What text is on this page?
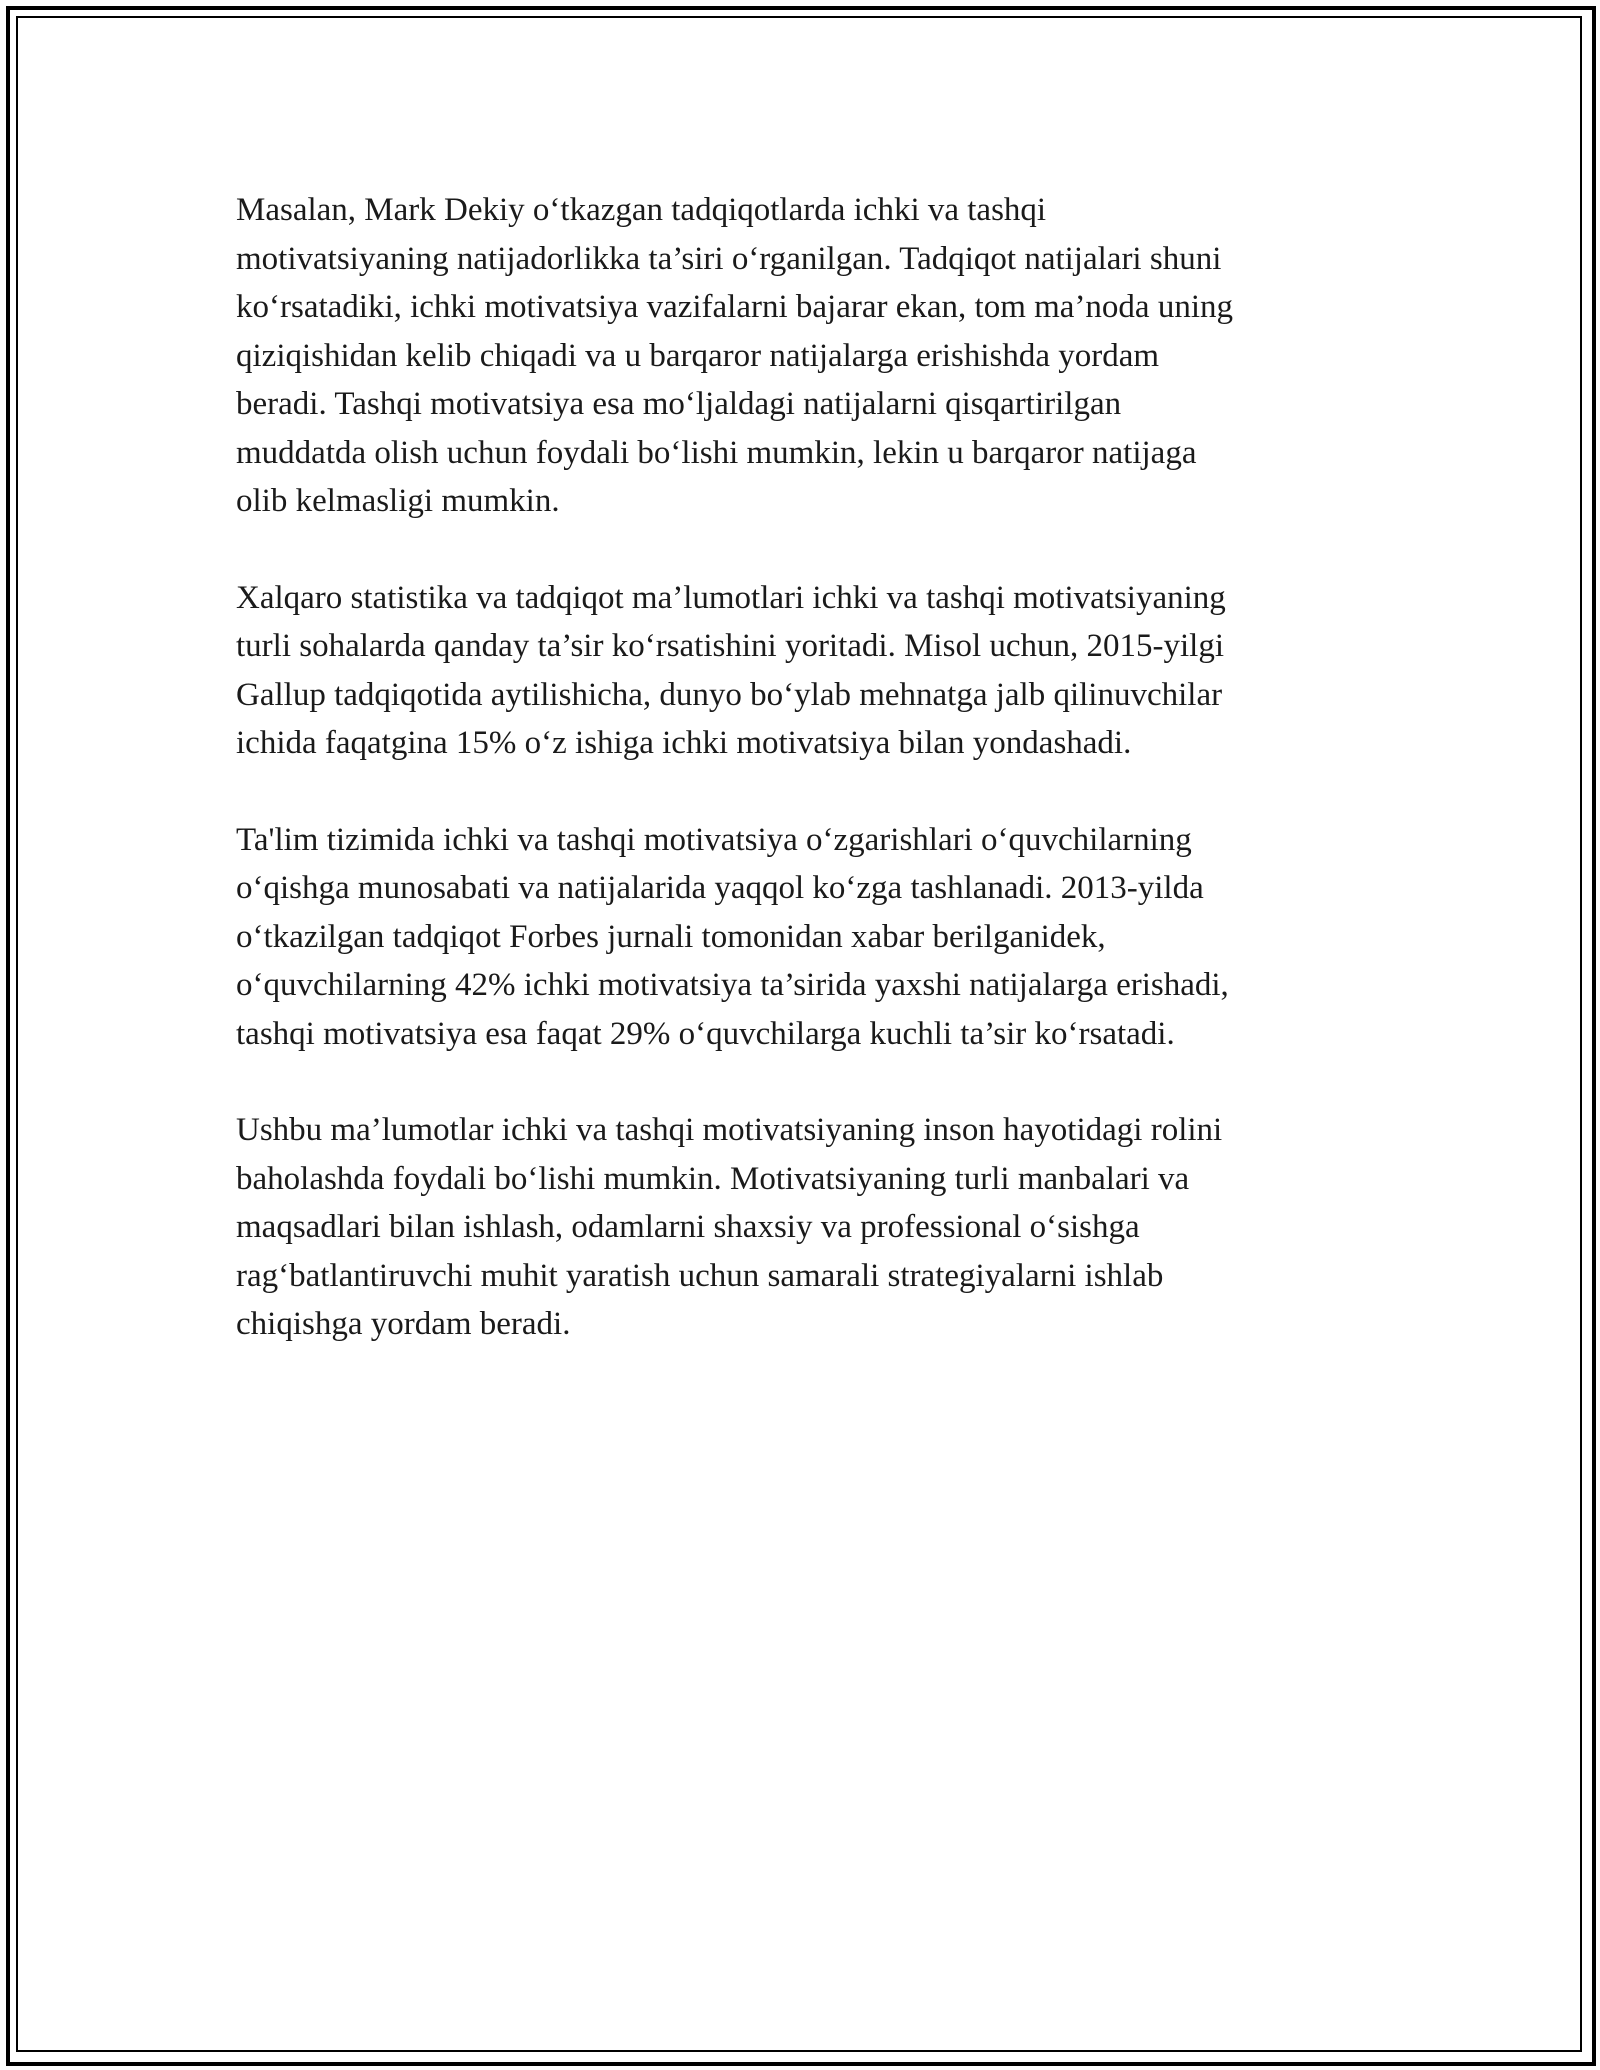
Masalan, Mark Dekiy o‘tkazgan tadqiqotlarda ichki va tashqi
motivatsiyaning natijadorlikka ta’siri o‘rganilgan. Tadqiqot natijalari shuni
ko‘rsatadiki, ichki motivatsiya vazifalarni bajarar ekan, tom ma’noda uning
qiziqishidan kelib chiqadi va u barqaror natijalarga erishishda yordam
beradi. Tashqi motivatsiya esa mo‘ljaldagi natijalarni qisqartirilgan
muddatda olish uchun foydali bo‘lishi mumkin, lekin u barqaror natijaga
olib kelmasligi mumkin.

Xalqaro statistika va tadqiqot ma’lumotlari ichki va tashqi motivatsiyaning
turli sohalarda qanday ta’sir ko‘rsatishini yoritadi. Misol uchun, 2015-yilgi
Gallup tadqiqotida aytilishicha, dunyo bo‘ylab mehnatga jalb qilinuvchilar
ichida faqatgina 15% o‘z ishiga ichki motivatsiya bilan yondashadi.

Ta'lim tizimida ichki va tashqi motivatsiya o‘zgarishlari o‘quvchilarning
o‘qishga munosabati va natijalarida yaqqol ko‘zga tashlanadi. 2013-yilda
o‘tkazilgan tadqiqot Forbes jurnali tomonidan xabar berilganidek,
o‘quvchilarning 42% ichki motivatsiya ta’sirida yaxshi natijalarga erishadi,
tashqi motivatsiya esa faqat 29% o‘quvchilarga kuchli ta’sir ko‘rsatadi.

Ushbu ma’lumotlar ichki va tashqi motivatsiyaning inson hayotidagi rolini
baholashda foydali bo‘lishi mumkin. Motivatsiyaning turli manbalari va
maqsadlari bilan ishlash, odamlarni shaxsiy va professional o‘sishga
rag‘batlantiruvchi muhit yaratish uchun samarali strategiyalarni ishlab
chiqishga yordam beradi.
